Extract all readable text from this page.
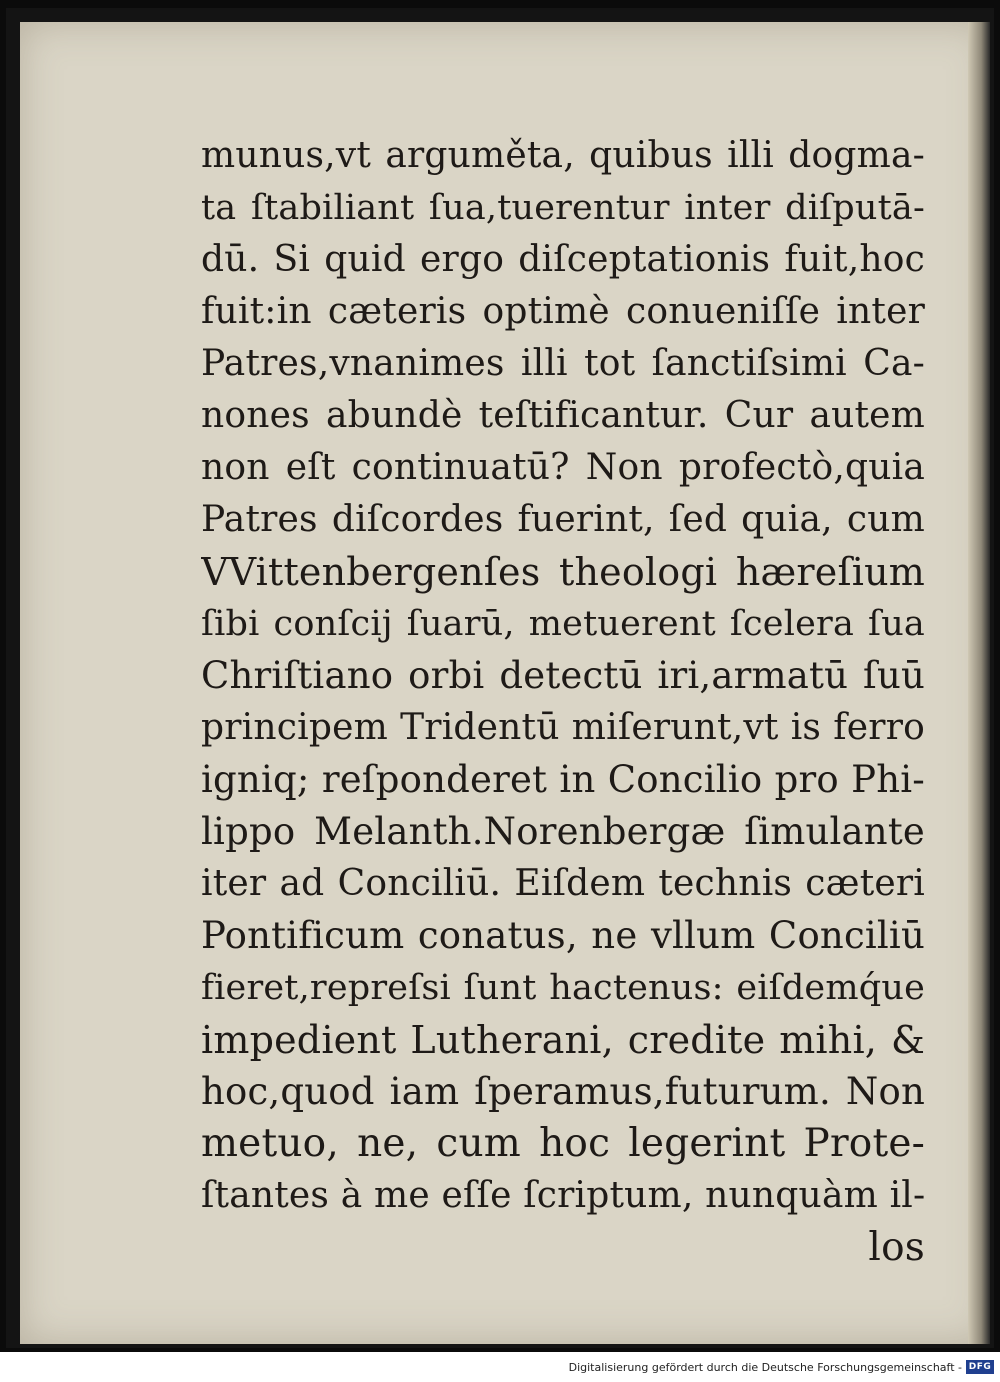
munus,vt arguměta, quibus illi dogma-
ta ſtabiliant ſua,tuerentur inter diſputā-
dū. Si quid ergo diſceptationis fuit,hoc
fuit:in cæteris optimè conueniſſe inter
Patres,vnanimes illi tot ſanctiſsimi Ca-
nones abundè teſtificantur. Cur autem
non eſt continuatū? Non profectò,quia
Patres diſcordes fuerint, ſed quia, cum
VVittenbergenſes theologi hæreſium
ſibi conſcij ſuarū, metuerent ſcelera ſua
Chriſtiano orbi detectū iri,armatū ſuū
principem Tridentū miſerunt,vt is ferro
igniq; reſponderet in Concilio pro Phi-
lippo Melanth.Norenbergæ ſimulante
iter ad Conciliū. Eiſdem technis cæteri
Pontificum conatus, ne vllum Conciliū
fieret,repreſsi ſunt hactenus: eiſdemq́ue
impedient Lutherani, credite mihi, &
hoc,quod iam ſperamus,futurum. Non
metuo, ne, cum hoc legerint Prote-
ſtantes à me eſſe ſcriptum, nunquàm il-
los
Digitalisierung gefördert durch die Deutsche Forschungsgemeinschaft - DFG
